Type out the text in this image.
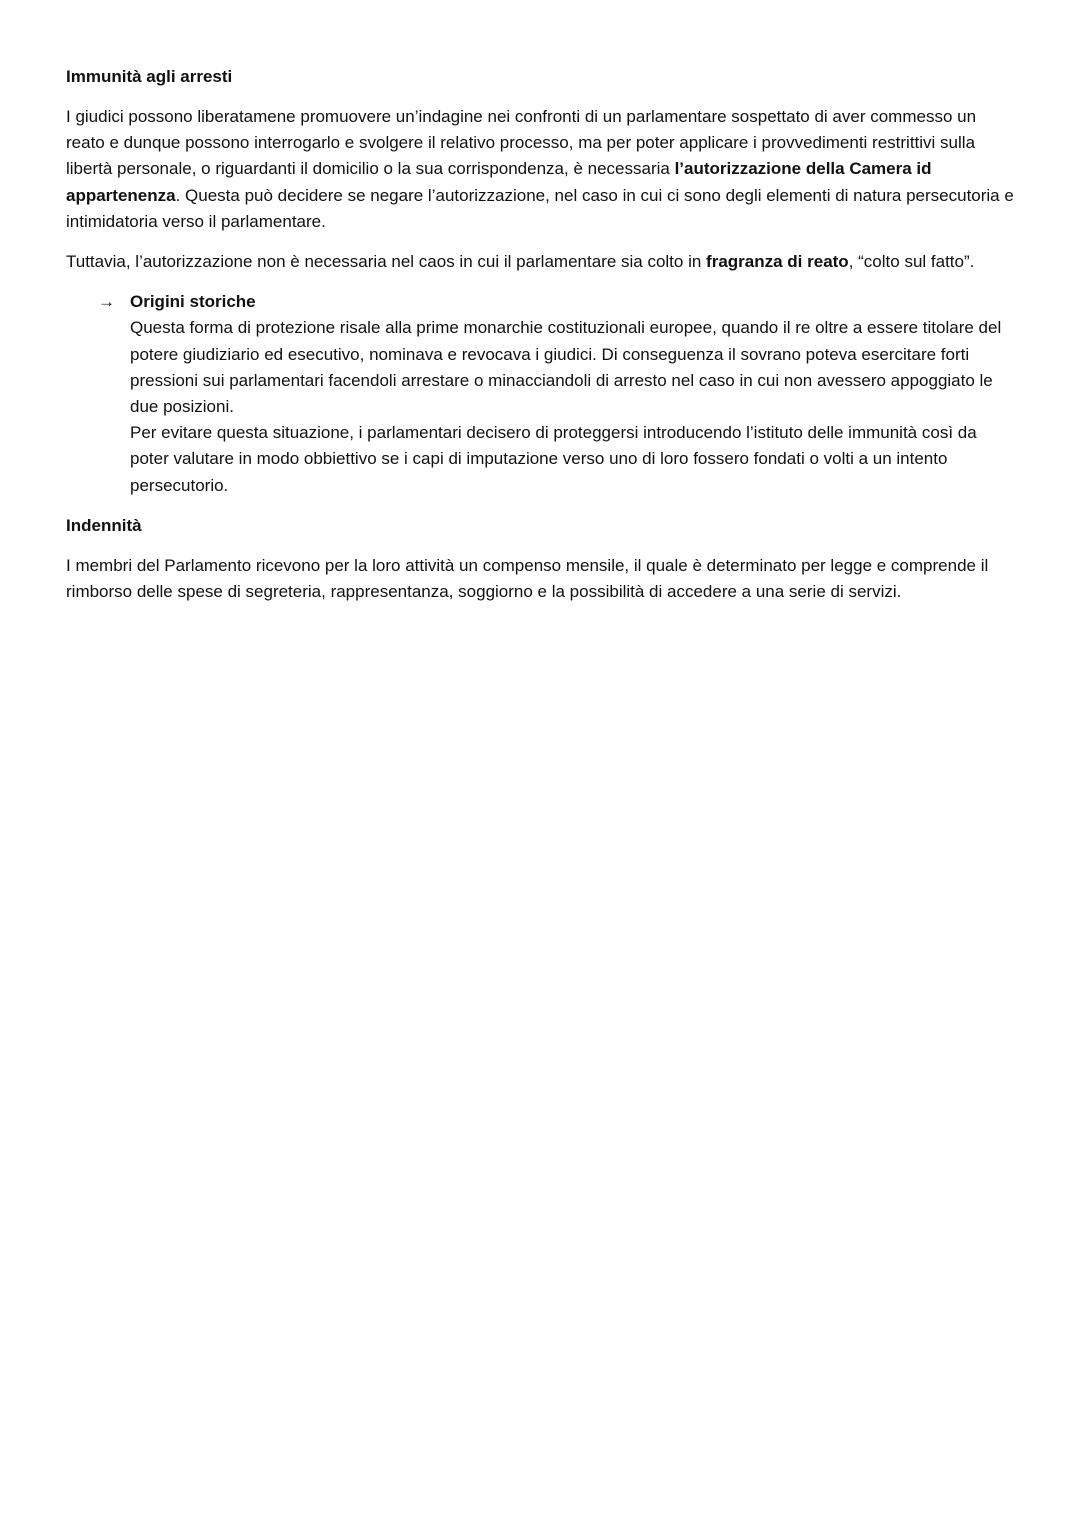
Immunità agli arresti

I giudici possono liberatamene promuovere un’indagine nei confronti di un parlamentare sospettato di aver commesso un reato e dunque possono interrogarlo e svolgere il relativo processo, ma per poter applicare i provvedimenti restrittivi sulla libertà personale, o riguardanti il domicilio o la sua corrispondenza, è necessaria l’autorizzazione della Camera id appartenenza. Questa può decidere se negare l’autorizzazione, nel caso in cui ci sono degli elementi di natura persecutoria e intimidatoria verso il parlamentare.

Tuttavia, l’autorizzazione non è necessaria nel caos in cui il parlamentare sia colto in fragranza di reato, “colto sul fatto”.

→ Origini storiche
Questa forma di protezione risale alla prime monarchie costituzionali europee, quando il re oltre a essere titolare del potere giudiziario ed esecutivo, nominava e revocava i giudici. Di conseguenza il sovrano poteva esercitare forti pressioni sui parlamentari facendoli arrestare o minacciandoli di arresto nel caso in cui non avessero appoggiato le due posizioni.
Per evitare questa situazione, i parlamentari decisero di proteggersi introducendo l’istituto delle immunità così da poter valutare in modo obbiettivo se i capi di imputazione verso uno di loro fossero fondati o volti a un intento persecutorio.
Indennità

I membri del Parlamento ricevono per la loro attività un compenso mensile, il quale è determinato per legge e comprende il rimborso delle spese di segreteria, rappresentanza, soggiorno e la possibilità di accedere a una serie di servizi.
